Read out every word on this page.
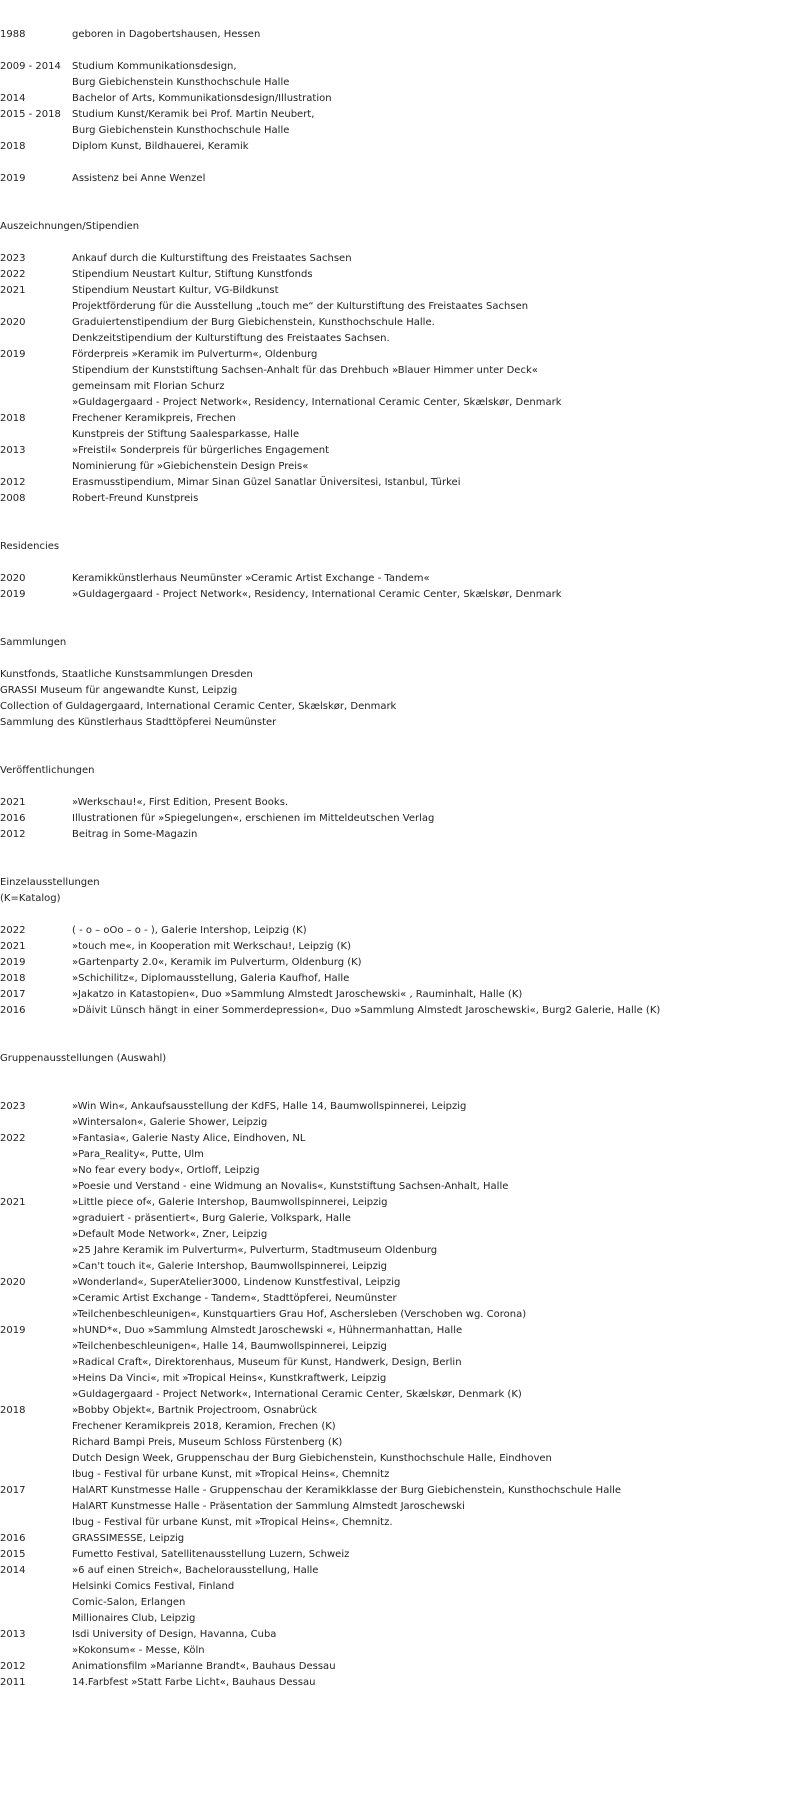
1988	geboren in Dagobertshausen, Hessen
2009 - 2014	Studium Kommunikationsdesign,
Burg Giebichenstein Kunsthochschule Halle
2014	Bachelor of Arts, Kommunikationsdesign/Illustration
2015 - 2018	Studium Kunst/Keramik bei Prof. Martin Neubert,
Burg Giebichenstein Kunsthochschule Halle
2018	Diplom Kunst, Bildhauerei, Keramik
2019	Assistenz bei Anne Wenzel
Auszeichnungen/Stipendien
2023	Ankauf durch die Kulturstiftung des Freistaates Sachsen
2022	Stipendium Neustart Kultur, Stiftung Kunstfonds
2021	Stipendium Neustart Kultur, VG-Bildkunst
Projektförderung für die Ausstellung „touch me“ der Kulturstiftung des Freistaates Sachsen
2020	Graduiertenstipendium der Burg Giebichenstein, Kunsthochschule Halle.
Denkzeitstipendium der Kulturstiftung des Freistaates Sachsen.
2019	Förderpreis »Keramik im Pulverturm«, Oldenburg
Stipendium der Kunststiftung Sachsen-Anhalt für das Drehbuch »Blauer Himmer unter Deck«
gemeinsam mit Florian Schurz
»Guldagergaard - Project Network«, Residency, International Ceramic Center, Skælskør, Denmark
2018	Frechener Keramikpreis, Frechen
Kunstpreis der Stiftung Saalesparkasse, Halle
2013	»Freistil« Sonderpreis für bürgerliches Engagement
Nominierung für »Giebichenstein Design Preis«
2012	Erasmusstipendium, Mimar Sinan Güzel Sanatlar Üniversitesi, Istanbul, Türkei
2008	Robert-Freund Kunstpreis
Residencies
2020	Keramikkünstlerhaus Neumünster »Ceramic Artist Exchange - Tandem«
2019	»Guldagergaard - Project Network«, Residency, International Ceramic Center, Skælskør, Denmark
Sammlungen
Kunstfonds, Staatliche Kunstsammlungen Dresden
GRASSI Museum für angewandte Kunst, Leipzig
Collection of Guldagergaard, International Ceramic Center, Skælskør, Denmark
Sammlung des Künstlerhaus Stadttöpferei Neumünster
Veröffentlichungen
2021	»Werkschau!«, First Edition, Present Books.
2016	Illustrationen für »Spiegelungen«, erschienen im Mitteldeutschen Verlag
2012	Beitrag in Some-Magazin
Einzelausstellungen
(K=Katalog)
2022	( - o – oOo – o - ), Galerie Intershop, Leipzig (K)
2021	»touch me«, in Kooperation mit Werkschau!, Leipzig (K)
2019	»Gartenparty 2.0«, Keramik im Pulverturm, Oldenburg (K)
2018	»Schichilitz«, Diplomausstellung, Galeria Kaufhof, Halle
2017	»Jakatzo in Katastopien«, Duo »Sammlung Almstedt Jaroschewski« , Rauminhalt, Halle (K)
2016	»Däivit Lünsch hängt in einer Sommerdepression«, Duo »Sammlung Almstedt Jaroschewski«, Burg2 Galerie, Halle (K)
Gruppenausstellungen (Auswahl)
2023	»Win Win«, Ankaufsausstellung der KdFS, Halle 14, Baumwollspinnerei, Leipzig
»Wintersalon«, Galerie Shower, Leipzig
2022	»Fantasia«, Galerie Nasty Alice, Eindhoven, NL
»Para_Reality«, Putte, Ulm
»No fear every body«, Ortloff, Leipzig
»Poesie und Verstand - eine Widmung an Novalis«, Kunststiftung Sachsen-Anhalt, Halle
2021	»Little piece of«, Galerie Intershop, Baumwollspinnerei, Leipzig
»graduiert - präsentiert«, Burg Galerie, Volkspark, Halle
»Default Mode Network«, Zner, Leipzig
»25 Jahre Keramik im Pulverturm«, Pulverturm, Stadtmuseum Oldenburg
»Can't touch it«, Galerie Intershop, Baumwollspinnerei, Leipzig
2020	»Wonderland«, SuperAtelier3000, Lindenow Kunstfestival, Leipzig
»Ceramic Artist Exchange - Tandem«, Stadttöpferei, Neumünster
»Teilchenbeschleunigen«, Kunstquartiers Grau Hof, Aschersleben (Verschoben wg. Corona)
2019	»hUND*«, Duo »Sammlung Almstedt Jaroschewski «, Hühnermanhattan, Halle
»Teilchenbeschleunigen«, Halle 14, Baumwollspinnerei, Leipzig
»Radical Craft«, Direktorenhaus, Museum für Kunst, Handwerk, Design, Berlin
»Heins Da Vinci«, mit »Tropical Heins«, Kunstkraftwerk, Leipzig
»Guldagergaard - Project Network«, International Ceramic Center, Skælskør, Denmark (K)
2018	»Bobby Objekt«, Bartnik Projectroom, Osnabrück
Frechener Keramikpreis 2018, Keramion, Frechen (K)
Richard Bampi Preis, Museum Schloss Fürstenberg (K)
Dutch Design Week, Gruppenschau der Burg Giebichenstein, Kunsthochschule Halle, Eindhoven
Ibug - Festival für urbane Kunst, mit »Tropical Heins«, Chemnitz
2017	HalART Kunstmesse Halle - Gruppenschau der Keramikklasse der Burg Giebichenstein, Kunsthochschule Halle
HalART Kunstmesse Halle - Präsentation der Sammlung Almstedt Jaroschewski
Ibug - Festival für urbane Kunst, mit »Tropical Heins«, Chemnitz.
2016	GRASSIMESSE, Leipzig
2015	Fumetto Festival, Satellitenausstellung Luzern, Schweiz
2014	»6 auf einen Streich«, Bachelorausstellung, Halle
Helsinki Comics Festival, Finland
Comic-Salon, Erlangen
Millionaires Club, Leipzig
2013	Isdi University of Design, Havanna, Cuba
»Kokonsum« - Messe, Köln
2012	Animationsfilm »Marianne Brandt«, Bauhaus Dessau
2011	14.Farbfest »Statt Farbe Licht«, Bauhaus Dessau
